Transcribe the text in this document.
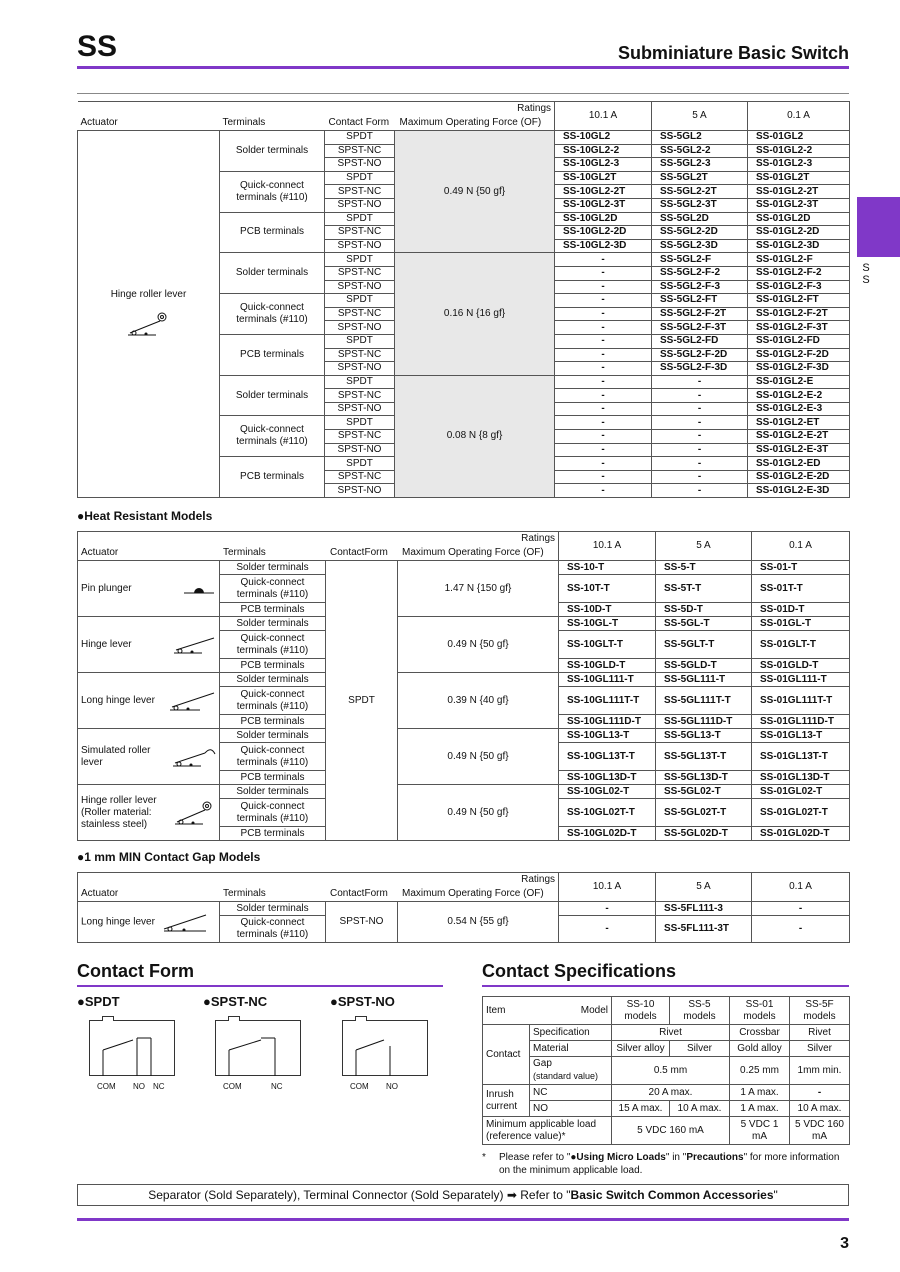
SS	Subminiature Basic Switch
SS
Ratings
Actuator Terminals Contact Form Maximum Operating Force (OF)				10.1 A	5 A	0.1 A

Hinge roller lever	Solder terminals	SPDT	0.49 N {50 gf}	SS-10GL2	SS-5GL2	SS-01GL2
		SPST-NC		SS-10GL2-2	SS-5GL2-2	SS-01GL2-2
		SPST-NO		SS-10GL2-3	SS-5GL2-3	SS-01GL2-3
	Quick-connect terminals (#110)	SPDT		SS-10GL2T	SS-5GL2T	SS-01GL2T
		SPST-NC		SS-10GL2-2T	SS-5GL2-2T	SS-01GL2-2T
		SPST-NO		SS-10GL2-3T	SS-5GL2-3T	SS-01GL2-3T
	PCB terminals	SPDT		SS-10GL2D	SS-5GL2D	SS-01GL2D
		SPST-NC		SS-10GL2-2D	SS-5GL2-2D	SS-01GL2-2D
		SPST-NO		SS-10GL2-3D	SS-5GL2-3D	SS-01GL2-3D
	Solder terminals	SPDT	0.16 N {16 gf}	-	SS-5GL2-F	SS-01GL2-F
		SPST-NC		-	SS-5GL2-F-2	SS-01GL2-F-2
		SPST-NO		-	SS-5GL2-F-3	SS-01GL2-F-3
	Quick-connect terminals (#110)	SPDT		-	SS-5GL2-FT	SS-01GL2-FT
		SPST-NC		-	SS-5GL2-F-2T	SS-01GL2-F-2T
		SPST-NO		-	SS-5GL2-F-3T	SS-01GL2-F-3T
	PCB terminals	SPDT		-	SS-5GL2-FD	SS-01GL2-FD
		SPST-NC		-	SS-5GL2-F-2D	SS-01GL2-F-2D
		SPST-NO		-	SS-5GL2-F-3D	SS-01GL2-F-3D
	Solder terminals	SPDT	0.08 N {8 gf}	-	-	SS-01GL2-E
		SPST-NC		-	-	SS-01GL2-E-2
		SPST-NO		-	-	SS-01GL2-E-3
	Quick-connect terminals (#110)	SPDT		-	-	SS-01GL2-ET
		SPST-NC		-	-	SS-01GL2-E-2T
		SPST-NO		-	-	SS-01GL2-E-3T
	PCB terminals	SPDT		-	-	SS-01GL2-ED
		SPST-NC		-	-	SS-01GL2-E-2D
		SPST-NO		-	-	SS-01GL2-E-3D
●Heat Resistant Models
Ratings
Actuator Terminals ContactForm Maximum Operating Force (OF)				10.1 A	5 A	0.1 A

Pin plunger	Solder terminals	SPDT	1.47 N {150 gf}	SS-10-T	SS-5-T	SS-01-T
	Quick-connect terminals (#110)			SS-10T-T	SS-5T-T	SS-01T-T
	PCB terminals			SS-10D-T	SS-5D-T	SS-01D-T

Hinge lever	Solder terminals		0.49 N {50 gf}	SS-10GL-T	SS-5GL-T	SS-01GL-T
	Quick-connect terminals (#110)			SS-10GLT-T	SS-5GLT-T	SS-01GLT-T
	PCB terminals			SS-10GLD-T	SS-5GLD-T	SS-01GLD-T

Long hinge lever	Solder terminals		0.39 N {40 gf}	SS-10GL111-T	SS-5GL111-T	SS-01GL111-T
	Quick-connect terminals (#110)			SS-10GL111T-T	SS-5GL111T-T	SS-01GL111T-T
	PCB terminals			SS-10GL111D-T	SS-5GL111D-T	SS-01GL111D-T

Simulated roller lever	Solder terminals		0.49 N {50 gf}	SS-10GL13-T	SS-5GL13-T	SS-01GL13-T
	Quick-connect terminals (#110)			SS-10GL13T-T	SS-5GL13T-T	SS-01GL13T-T
	PCB terminals			SS-10GL13D-T	SS-5GL13D-T	SS-01GL13D-T

Hinge roller lever (Roller material: stainless steel)	Solder terminals		0.49 N {50 gf}	SS-10GL02-T	SS-5GL02-T	SS-01GL02-T
	Quick-connect terminals (#110)			SS-10GL02T-T	SS-5GL02T-T	SS-01GL02T-T
	PCB terminals			SS-10GL02D-T	SS-5GL02D-T	SS-01GL02D-T
●1 mm MIN Contact Gap Models
Ratings
Actuator Terminals ContactForm Maximum Operating Force (OF)				10.1 A	5 A	0.1 A
Long hinge lever	Solder terminals	SPST-NO	0.54 N {55 gf}	-	SS-5FL111-3	-
	Quick-connect terminals (#110)			-	SS-5FL111-3T	-
Contact Form
●SPDT
COM NO NC
●SPST-NC
COM	NC
●SPST-NO
COM NO
Contact Specifications
Item Model		SS-10 models	SS-5 models	SS-01 models	SS-5F models
Contact	Specification	Rivet		Crossbar	Rivet
	Material	Silver alloy	Silver	Gold alloy	Silver
	Gap
(standard value)	0.5 mm		0.25 mm	1mm min.
Inrush current	NC	20 A max.		1 A max.	-
	NO	15 A max.	10 A max.	1 A max.	10 A max.
Minimum applicable load (reference value)*		5 VDC 160 mA		5 VDC 1 mA	5 VDC 160 mA
* Please refer to "●Using Micro Loads" in "Precautions" for more information on the minimum applicable load.
Separator (Sold Separately), Terminal Connector (Sold Separately) ➡ Refer to "Basic Switch Common Accessories"
3
